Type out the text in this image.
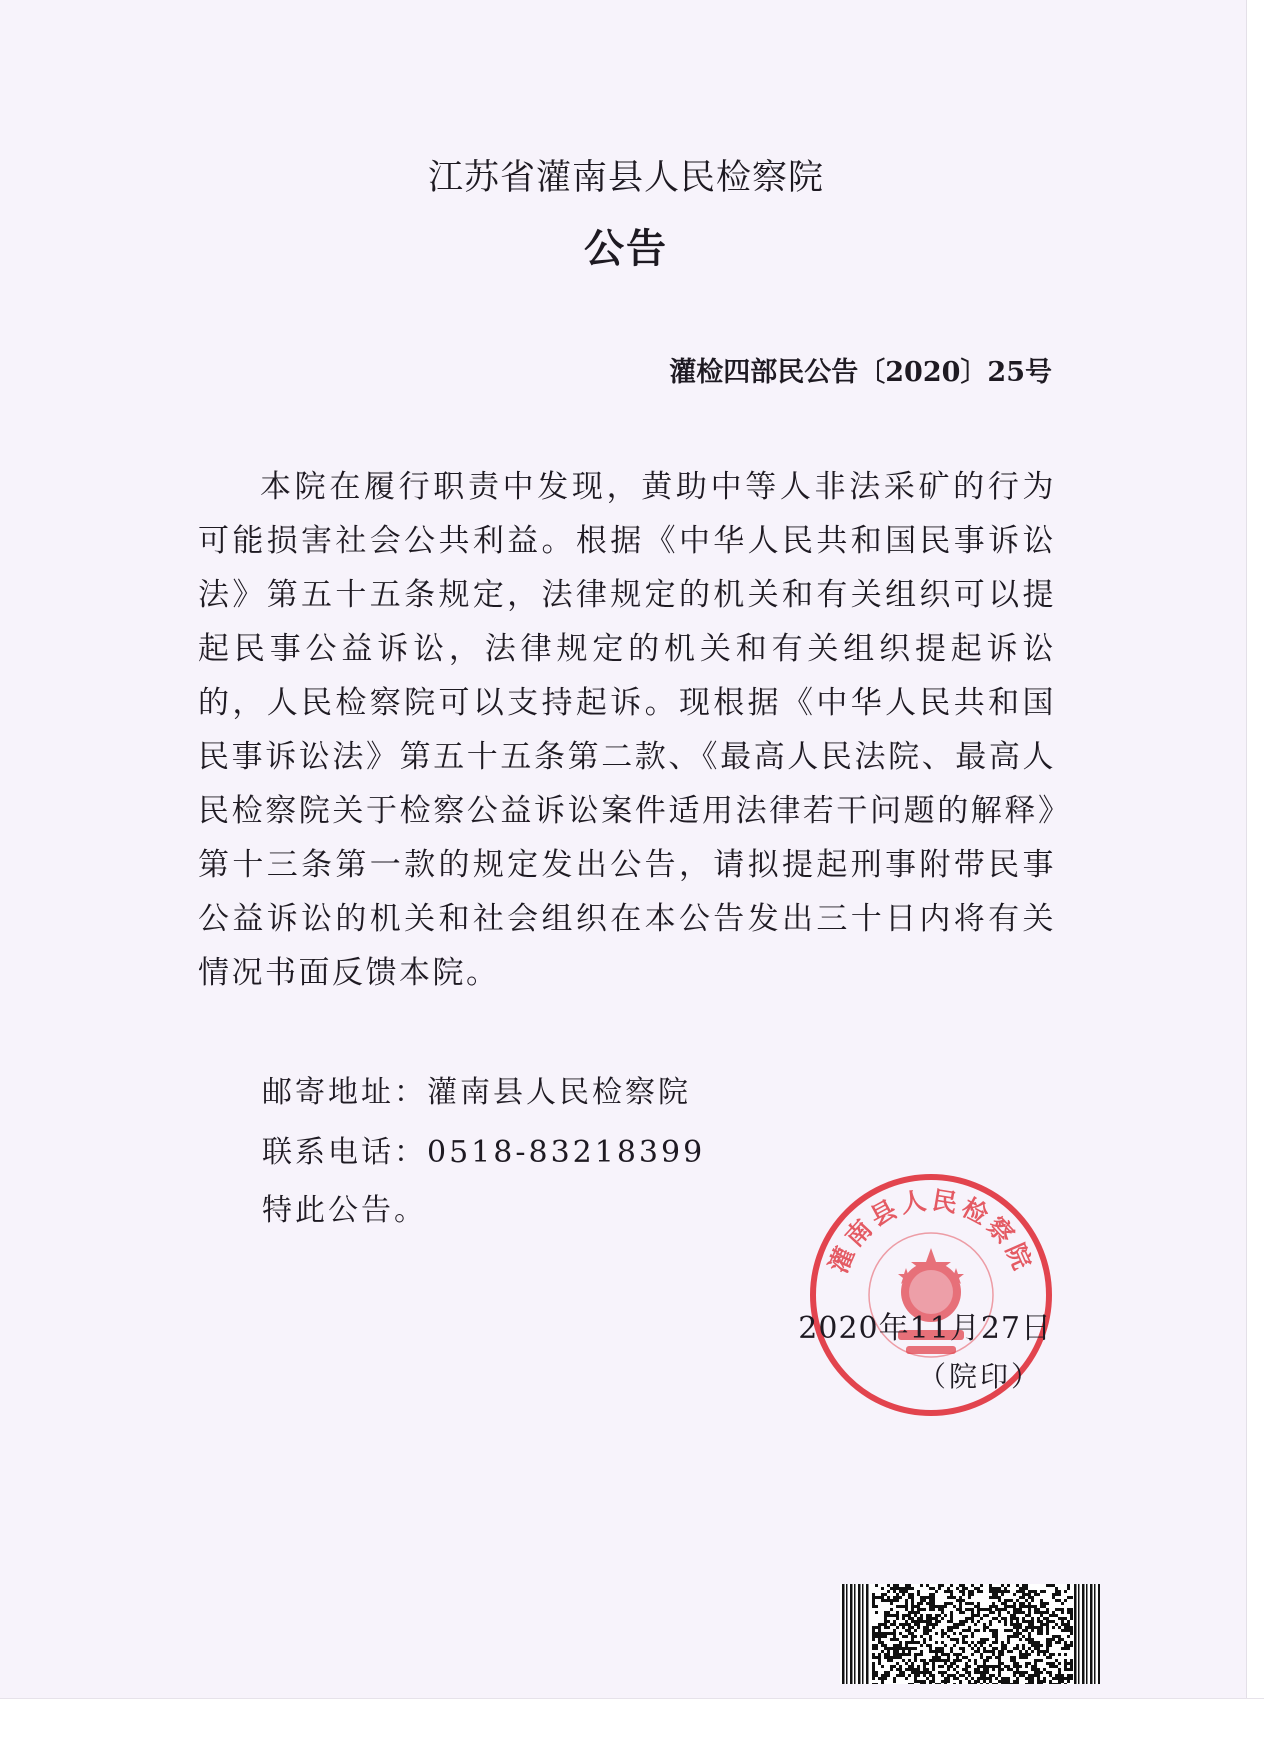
江苏省灌南县人民检察院
公告
灌检四部民公告〔2020〕25号
本院在履行职责中发现，黄助中等人非法采矿的行为可能损害社会公共利益。根据《中华人民共和国民事诉讼法》第五十五条规定，法律规定的机关和有关组织可以提起民事公益诉讼，法律规定的机关和有关组织提起诉讼的，人民检察院可以支持起诉。现根据《中华人民共和国民事诉讼法》第五十五条第二款、《最高人民法院、最高人民检察院关于检察公益诉讼案件适用法律若干问题的解释》第十三条第一款的规定发出公告，请拟提起刑事附带民事公益诉讼的机关和社会组织在本公告发出三十日内将有关情况书面反馈本院。
邮寄地址：灌南县人民检察院
联系电话：0518-83218399
特此公告。
灌南县人民检察院
2020年11月27日
（院印）
